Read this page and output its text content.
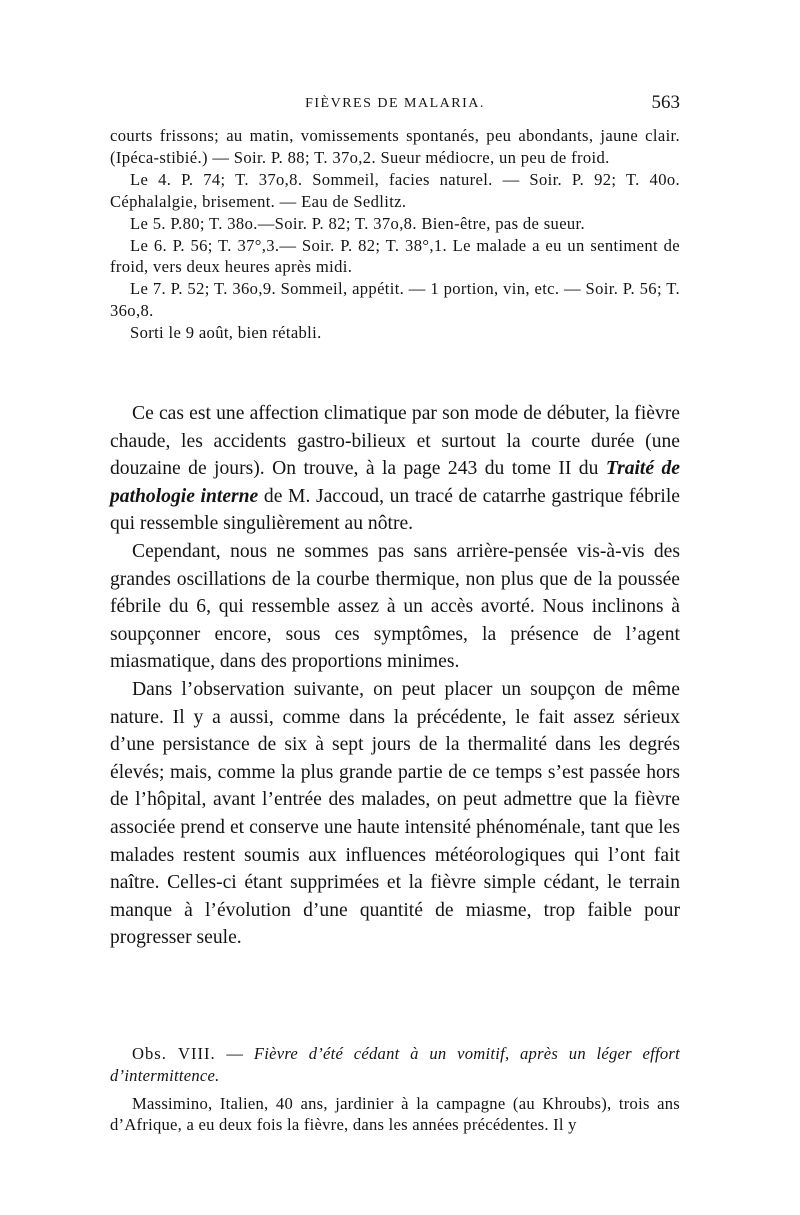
FIÈVRES DE MALARIA.	563

courts frissons; au matin, vomissements spontanés, peu abondants, jaune clair. (Ipéca-stibié.) — Soir. P. 88; T. 37o,2. Sueur médiocre, un peu de froid.

Le 4. P. 74; T. 37o,8. Sommeil, facies naturel. — Soir. P. 92; T. 40o. Céphalalgie, brisement. — Eau de Sedlitz.

Le 5. P.80; T. 38o.—Soir. P. 82; T. 37o,8. Bien-être, pas de sueur.

Le 6. P. 56; T. 37°,3.— Soir. P. 82; T. 38°,1. Le malade a eu un sentiment de froid, vers deux heures après midi.

Le 7. P. 52; T. 36o,9. Sommeil, appétit. — 1 portion, vin, etc. — Soir. P. 56; T. 36o,8.

Sorti le 9 août, bien rétabli.

Ce cas est une affection climatique par son mode de débuter, la fièvre chaude, les accidents gastro-bilieux et surtout la courte durée (une douzaine de jours). On trouve, à la page 243 du tome II du Traité de pathologie interne de M. Jaccoud, un tracé de catarrhe gastrique fébrile qui ressemble singulièrement au nôtre.

Cependant, nous ne sommes pas sans arrière-pensée vis-à-vis des grandes oscillations de la courbe thermique, non plus que de la poussée fébrile du 6, qui ressemble assez à un accès avorté. Nous inclinons à soupçonner encore, sous ces symptômes, la présence de l’agent miasmatique, dans des proportions minimes.

Dans l’observation suivante, on peut placer un soupçon de même nature. Il y a aussi, comme dans la précédente, le fait assez sérieux d’une persistance de six à sept jours de la thermalité dans les degrés élevés; mais, comme la plus grande partie de ce temps s’est passée hors de l’hôpital, avant l’entrée des malades, on peut admettre que la fièvre associée prend et conserve une haute intensité phénoménale, tant que les malades restent soumis aux influences météorologiques qui l’ont fait naître. Celles-ci étant supprimées et la fièvre simple cédant, le terrain manque à l’évolution d’une quantité de miasme, trop faible pour progresser seule.

Obs. VIII. — Fièvre d’été cédant à un vomitif, après un léger effort d’intermittence.

Massimino, Italien, 40 ans, jardinier à la campagne (au Khroubs), trois ans d’Afrique, a eu deux fois la fièvre, dans les années précédentes. Il y
